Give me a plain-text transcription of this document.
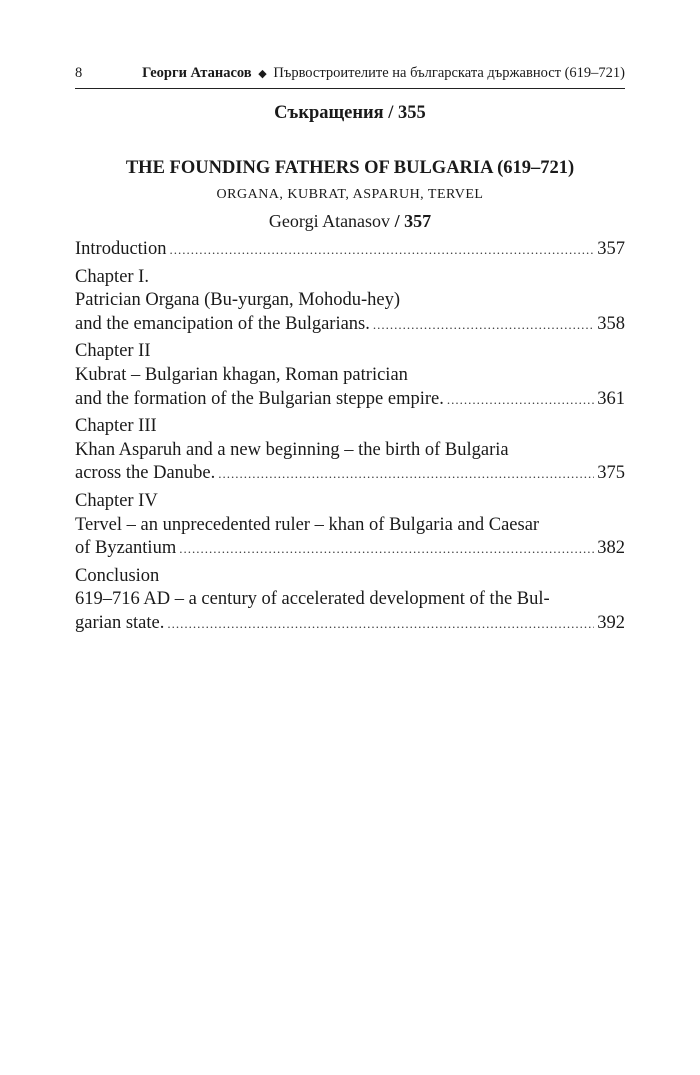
8	Георги Атанасов ◆ Първостроителите на българската държавност (619–721)
Съкращения / 355
THE FOUNDING FATHERS OF BULGARIA (619–721)
ORGANA, KUBRAT, ASPARUH, TERVEL
Georgi Atanasov / 357
Introduction .....	357
Chapter I.
Patrician Organa (Bu-yurgan, Mohodu-hey)
and the emancipation of the Bulgarians. .....	358
Chapter II
Kubrat – Bulgarian khagan, Roman patrician
and the formation of the Bulgarian steppe empire. .....	361
Chapter III
Khan Asparuh and a new beginning – the birth of Bulgaria
across the Danube. .....	375
Chapter IV
Tervel – an unprecedented ruler – khan of Bulgaria and Caesar
of Byzantium .....	382
Conclusion
619–716 AD – a century of accelerated development of the Bul-
garian state. .....	392
